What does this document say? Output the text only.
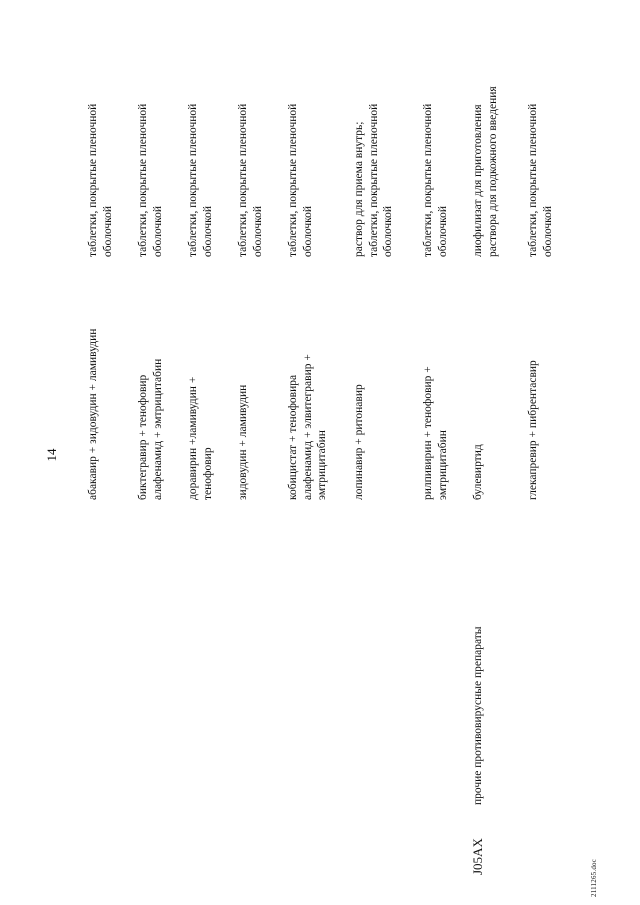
14 абакавир + зидовудин + ламивудин
таблетки, покрытые пленочной
оболочкой
биктегравир + тенофовир
алафенамид + эмтрицитабин
таблетки, покрытые пленочной
оболочкой
доравирин +ламивудин +
тенофовир
таблетки, покрытые пленочной
оболочкой
зидовудин + ламивудин
таблетки, покрытые пленочной
оболочкой
кобицистат + тенофовира
алафенамид + элвитегравир +
эмтрицитабин
таблетки, покрытые пленочной
оболочкой
лопинавир + ритонавир
раствор для приема внутрь;
таблетки, покрытые пленочной
оболочкой
рилпивирин + тенофовир +
эмтрицитабин
таблетки, покрытые пленочной
оболочкой
J05AX
прочие противовирусные препараты
булевиртид
лиофилизат для приготовления
раствора для подкожного введения
глекапревир + пибрентасвир
таблетки, покрытые пленочной
оболочкой
2111265.doc
